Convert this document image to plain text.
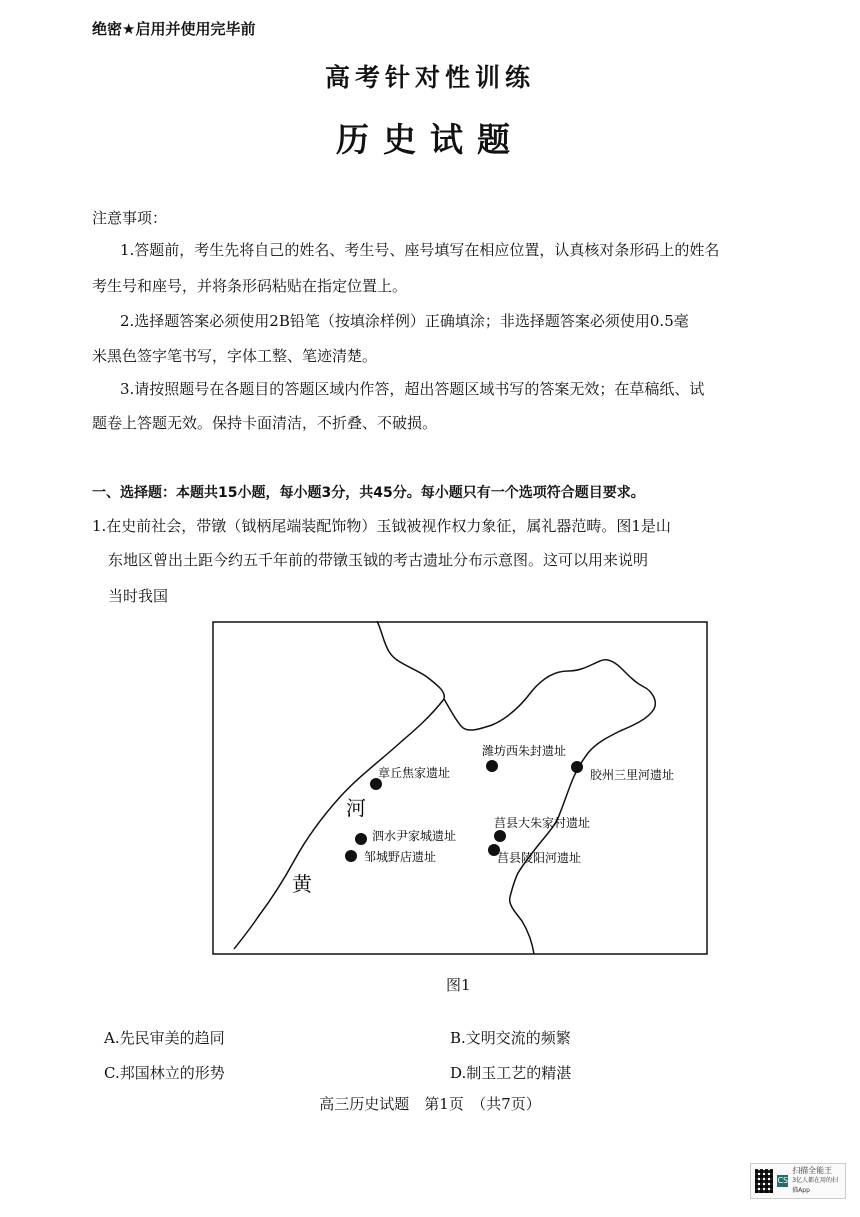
绝密★启用并使用完毕前
高考针对性训练
历史试题
注意事项：
1.答题前，考生先将自己的姓名、考生号、座号填写在相应位置，认真核对条形码上的姓名
考生号和座号，并将条形码粘贴在指定位置上。
2.选择题答案必须使用2B铅笔（按填涂样例）正确填涂；非选择题答案必须使用0.5毫
米黑色签字笔书写，字体工整、笔迹清楚。
3.请按照题号在各题目的答题区域内作答，超出答题区域书写的答案无效；在草稿纸、试
题卷上答题无效。保持卡面清洁，不折叠、不破损。
一、选择题：本题共15小题，每小题3分，共45分。每小题只有一个选项符合题目要求。
1.在史前社会，带镦（钺柄尾端装配饰物）玉钺被视作权力象征，属礼器范畴。图1是山
东地区曾出土距今约五千年前的带镦玉钺的考古遗址分布示意图。这可以用来说明
当时我国
潍坊西朱封遗址
胶州三里河遗址
章丘焦家遗址
泗水尹家城遗址
邹城野店遗址
莒县大朱家村遗址
莒县陵阳河遗址
河
黄
图1
A.先民审美的趋同	B.文明交流的频繁
C.邦国林立的形势	D.制玉工艺的精湛
高三历史试题　第1页　（共7页）
CS
扫描全能王
3亿人都在用的扫描App
